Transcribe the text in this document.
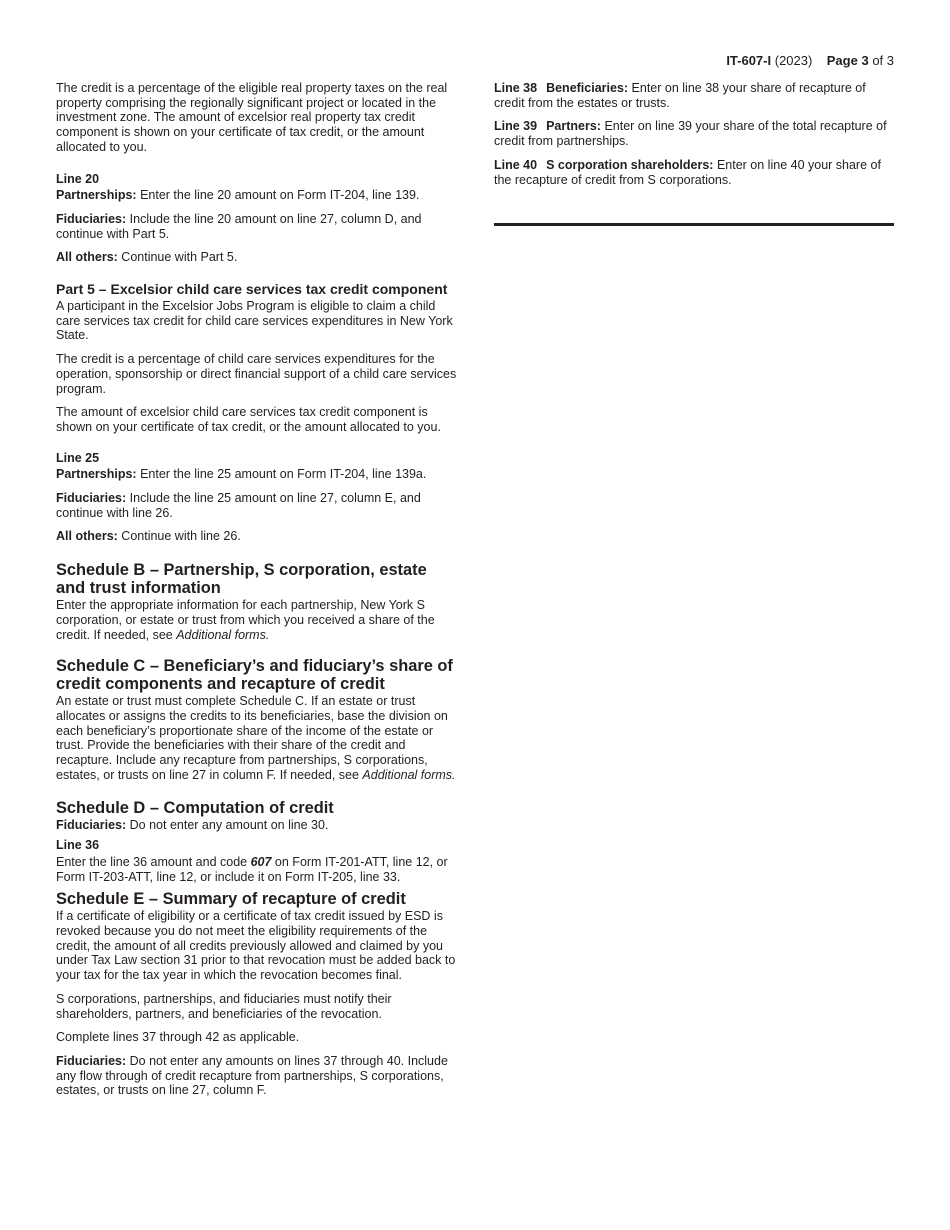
IT-607-I (2023) Page 3 of 3

The credit is a percentage of the eligible real property taxes on the real property comprising the regionally significant project or located in the investment zone. The amount of excelsior real property tax credit component is shown on your certificate of tax credit, or the amount allocated to you.

Line 20

Partnerships: Enter the line 20 amount on Form IT-204, line 139.

Fiduciaries: Include the line 20 amount on line 27, column D, and continue with Part 5.

All others: Continue with Part 5.

Part 5 – Excelsior child care services tax credit component

A participant in the Excelsior Jobs Program is eligible to claim a child care services tax credit for child care services expenditures in New York State.

The credit is a percentage of child care services expenditures for the operation, sponsorship or direct financial support of a child care services program.

The amount of excelsior child care services tax credit component is shown on your certificate of tax credit, or the amount allocated to you.

Line 25

Partnerships: Enter the line 25 amount on Form IT-204, line 139a.

Fiduciaries: Include the line 25 amount on line 27, column E, and continue with line 26.

All others: Continue with line 26.

Schedule B – Partnership, S corporation, estate and trust information

Enter the appropriate information for each partnership, New York S corporation, or estate or trust from which you received a share of the credit. If needed, see Additional forms.

Schedule C – Beneficiary’s and fiduciary’s share of credit components and recapture of credit

An estate or trust must complete Schedule C. If an estate or trust allocates or assigns the credits to its beneficiaries, base the division on each beneficiary’s proportionate share of the income of the estate or trust. Provide the beneficiaries with their share of the credit and recapture. Include any recapture from partnerships, S corporations, estates, or trusts on line 27 in column F. If needed, see Additional forms.

Schedule D – Computation of credit

Fiduciaries: Do not enter any amount on line 30.

Line 36

Enter the line 36 amount and code 607 on Form IT-201-ATT, line 12, or Form IT-203-ATT, line 12, or include it on Form IT-205, line 33.

Schedule E – Summary of recapture of credit

If a certificate of eligibility or a certificate of tax credit issued by ESD is revoked because you do not meet the eligibility requirements of the credit, the amount of all credits previously allowed and claimed by you under Tax Law section 31 prior to that revocation must be added back to your tax for the tax year in which the revocation becomes final.

S corporations, partnerships, and fiduciaries must notify their shareholders, partners, and beneficiaries of the revocation.

Complete lines 37 through 42 as applicable.

Fiduciaries: Do not enter any amounts on lines 37 through 40. Include any flow through of credit recapture from partnerships, S corporations, estates, or trusts on line 27, column F.

Line 38 Beneficiaries: Enter on line 38 your share of recapture of credit from the estates or trusts.

Line 39 Partners: Enter on line 39 your share of the total recapture of credit from partnerships.

Line 40 S corporation shareholders: Enter on line 40 your share of the recapture of credit from S corporations.
